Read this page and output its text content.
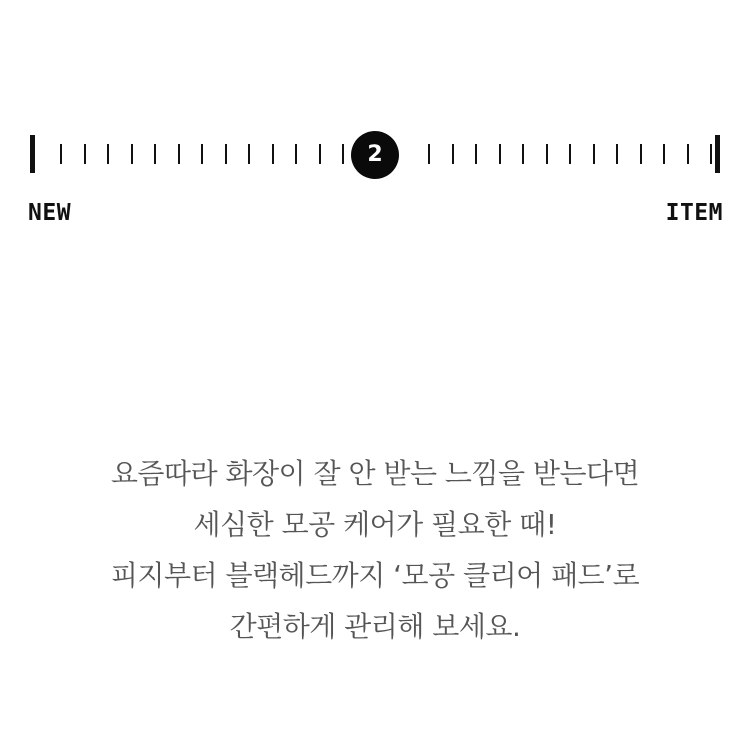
2
NEW	ITEM

요즘따라 화장이 잘 안 받는 느낌을 받는다면

세심한 모공 케어가 필요한 때!

피지부터 블랙헤드까지 ‘모공 클리어 패드’로

간편하게 관리해 보세요.
